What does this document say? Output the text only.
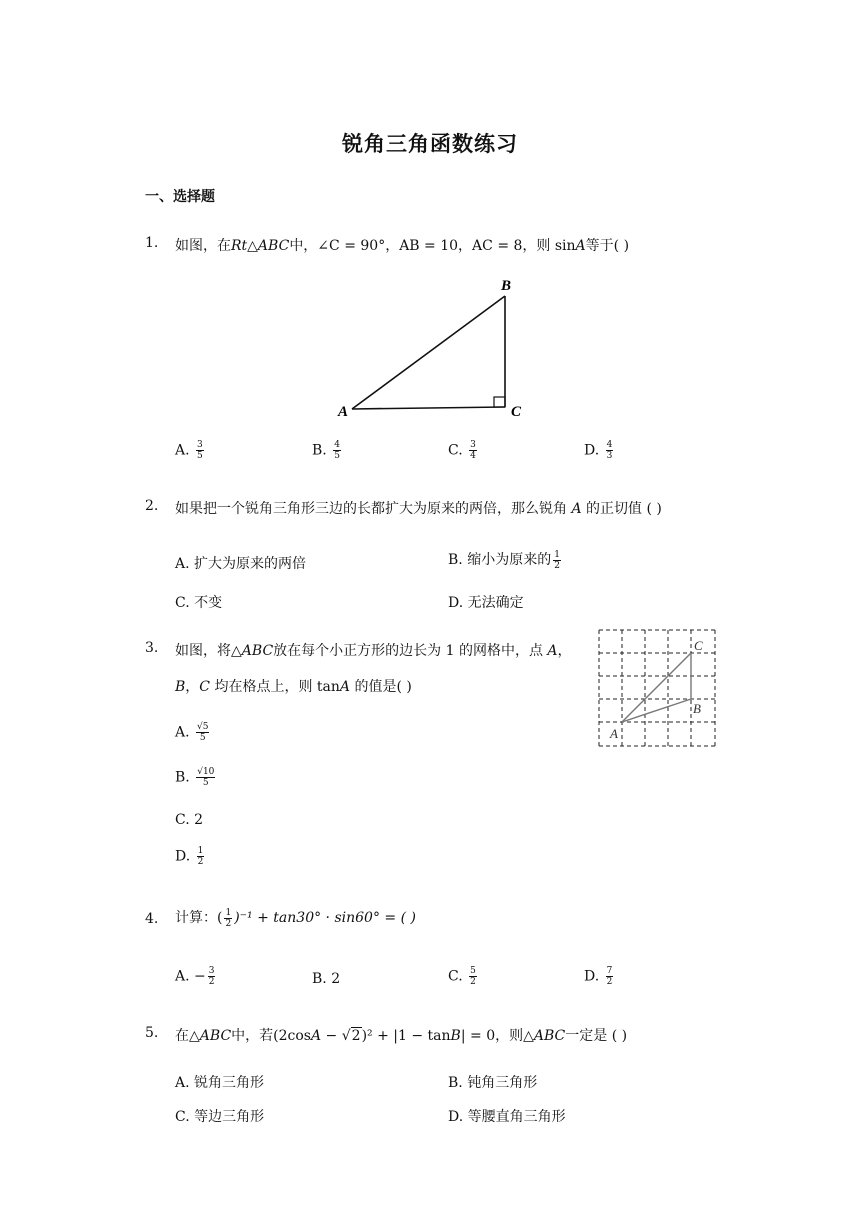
锐角三角函数练习
一、选择题
1. 如图，在Rt△ABC中，∠C = 90°，AB = 10，AC = 8，则 sinA等于( )
A
B
C
A. $\frac{3}{5}$	B. $\frac{4}{5}$	C. $\frac{3}{4}$	D. $\frac{4}{3}$
2. 如果把一个锐角三角形三边的长都扩大为原来的两倍，那么锐角 A 的正切值 ( )
A. 扩大为原来的两倍	B. 缩小为原来的 $\frac{1}{2}$
C. 不变	D. 无法确定
3. 如图，将△ABC放在每个小正方形的边长为 1 的网格中，点 A，
B，C 均在格点上，则 tanA 的值是( )
A
B
C
A. $\frac{√5}{5}$
B. $\frac{√10}{5}$
C. 2
D. $\frac{1}{2}$
4. 计算：( $\frac{1}{2} )^{-1} + \tan 30^\circ \cdot \sin 60^\circ$ = ( )
A. − $\frac{3}{2}$	B. 2	C. $\frac{5}{2}$	D. $\frac{7}{2}$
5. 在△ABC中，若(2cosA − √2)² + |1 − tanB| = 0，则△ABC一定是 ( )
A. 锐角三角形	B. 钝角三角形
C. 等边三角形	D. 等腰直角三角形
